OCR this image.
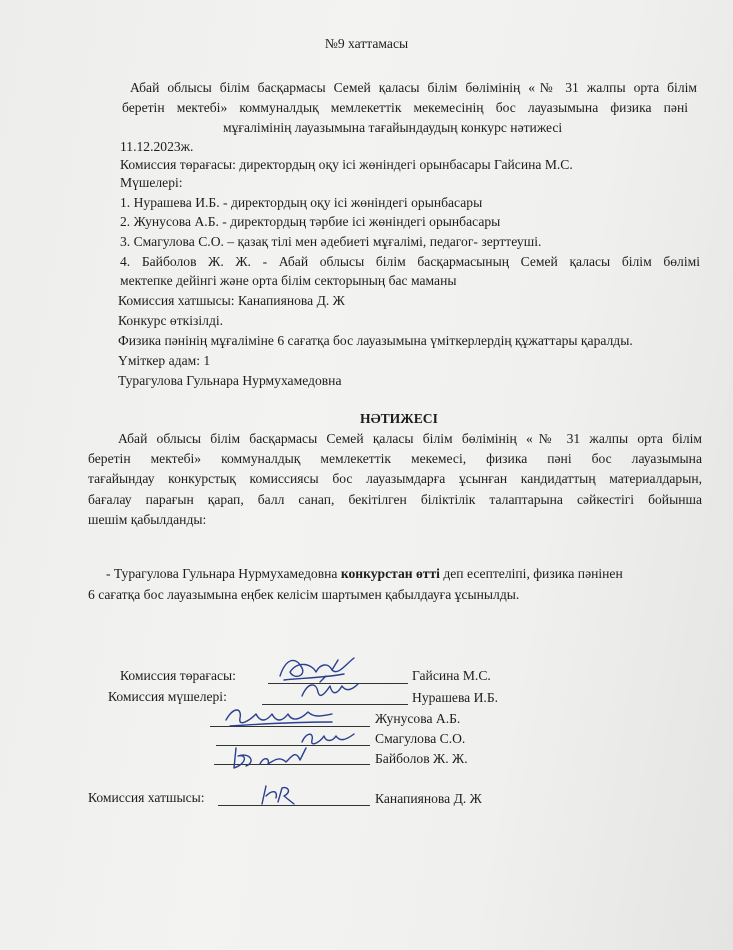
№9 хаттамасы
Абай облысы білім басқармасы Семей қаласы білім бөлімінің «№ 31 жалпы орта білім
беретін мектебі» коммуналдық мемлекеттік мекемесінің бос лауазымына физика пәні
мұғалімінің лауазымына тағайындаудың конкурс нәтижесі
11.12.2023ж.
Комиссия төрағасы: директордың оқу ісі жөніндегі орынбасары Гайсина М.С.
Мүшелері:
1. Нурашева И.Б. - директордың оқу ісі жөніндегі орынбасары
2. Жунусова А.Б. - директордың тәрбие ісі жөніндегі орынбасары
3. Смагулова С.О. – қазақ тілі мен әдебиеті мұғалімі, педагог- зерттеуші.
4. Байболов Ж. Ж. - Абай облысы білім басқармасының Семей қаласы білім бөлімі
мектепке дейінгі және орта білім секторының бас маманы
Комиссия хатшысы: Канапиянова Д. Ж
Конкурс өткізілді.
Физика пәнінің мұғаліміне 6 сағатқа бос лауазымына үміткерлердің құжаттары қаралды.
Үміткер адам: 1
Турагулова Гульнара Нурмухамедовна
НӘТИЖЕСІ
Абай облысы білім басқармасы Семей қаласы білім бөлімінің «№ 31 жалпы орта білім
беретін мектебі» коммуналдық мемлекеттік мекемесі, физика пәні бос лауазымына
тағайындау конкурстық комиссиясы бос лауазымдарға ұсынған кандидаттың материалдарын,
бағалау парағын қарап, балл санап, бекітілген біліктілік талаптарына сәйкестігі бойынша
шешім қабылданды:
- Турагулова Гульнара Нурмухамедовна конкурстан өтті деп есептеліпі, физика пәнінен
6 сағатқа бос лауазымына еңбек келісім шартымен қабылдауға ұсынылды.
Комиссия төрағасы:	Гайсина М.С.
Комиссия мүшелері:	Нурашева И.Б.
Жунусова А.Б.
Смагулова С.О.
Байболов Ж. Ж.
Комиссия хатшысы:	Канапиянова Д. Ж
